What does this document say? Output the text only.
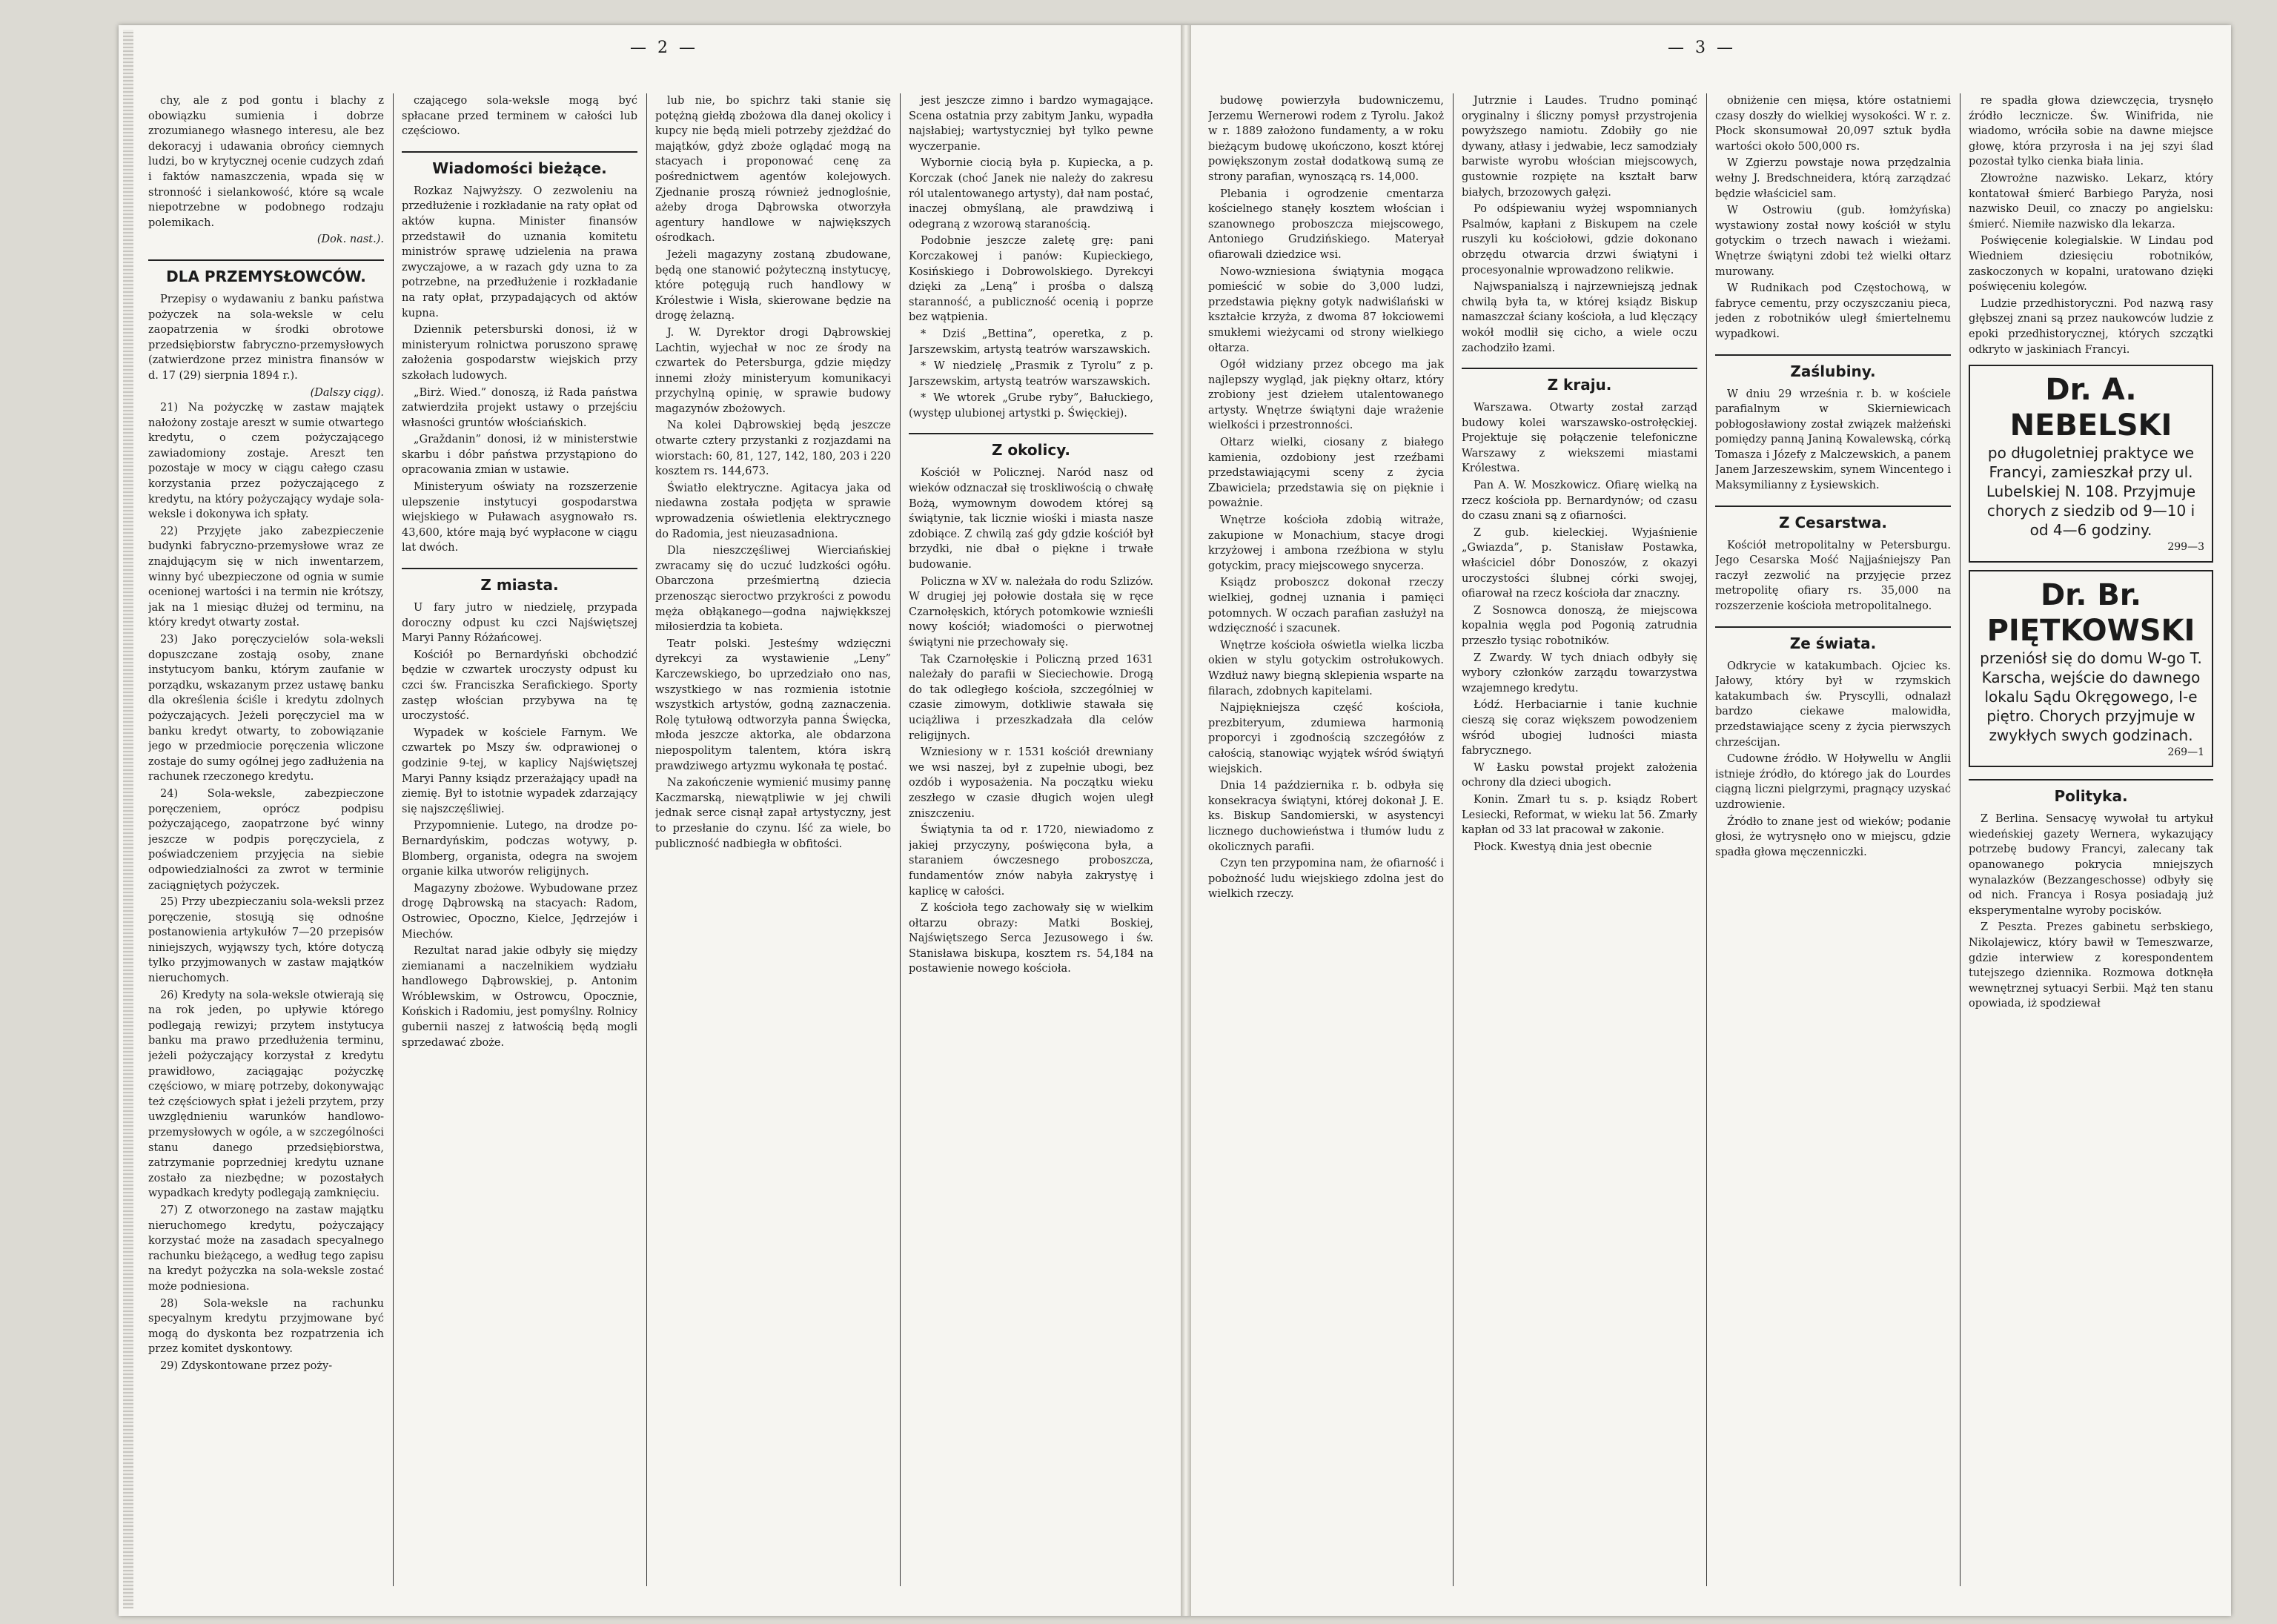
— 2 —

chy, ale z pod gontu i blachy z obowiązku sumienia i dobrze zrozumianego własnego interesu, ale bez dekoracyj i udawania obrońcy ciemnych ludzi, bo w krytycznej ocenie cudzych zdań i faktów namaszczenia, wpada się w stronność i sielankowość, które są wcale niepotrzebne w podobnego rodzaju polemikach.

(Dok. nast.).
DLA PRZEMYSŁOWCÓW.

Przepisy o wydawaniu z banku państwa pożyczek na sola-weksle w celu zaopatrzenia w środki obrotowe przedsiębiorstw fabryczno-przemysłowych (zatwierdzone przez ministra finansów w d. 17 (29) sierpnia 1894 r.).

(Dalszy ciąg).

21) Na pożyczkę w zastaw majątek nałożony zostaje areszt w sumie otwartego kredytu, o czem pożyczającego zawiadomiony zostaje. Areszt ten pozostaje w mocy w ciągu całego czasu korzystania przez pożyczającego z kredytu, na który pożyczający wydaje sola-weksle i dokonywa ich spłaty.

22) Przyjęte jako zabezpieczenie budynki fabryczno-przemysłowe wraz ze znajdującym się w nich inwentarzem, winny być ubezpieczone od ognia w sumie ocenionej wartości i na termin nie krótszy, jak na 1 miesiąc dłużej od terminu, na który kredyt otwarty został.

23) Jako poręczycielów sola-weksli dopuszczane zostają osoby, znane instytucyom banku, którym zaufanie w porządku, wskazanym przez ustawę banku dla określenia ściśle i kredytu zdolnych pożyczających. Jeżeli poręczyciel ma w banku kredyt otwarty, to zobowiązanie jego w przedmiocie poręczenia wliczone zostaje do sumy ogólnej jego zadłużenia na rachunek rzeczonego kredytu.

24) Sola-weksle, zabezpieczone poręczeniem, oprócz podpisu pożyczającego, zaopatrzone być winny jeszcze w podpis poręczyciela, z poświadczeniem przyjęcia na siebie odpowiedzialności za zwrot w terminie zaciągniętych pożyczek.

25) Przy ubezpieczaniu sola-weksli przez poręczenie, stosują się odnośne postanowienia artykułów 7—20 przepisów niniejszych, wyjąwszy tych, które dotyczą tylko przyjmowanych w zastaw majątków nieruchomych.

26) Kredyty na sola-weksle otwierają się na rok jeden, po upływie którego podlegają rewizyi; przytem instytucya banku ma prawo przedłużenia terminu, jeżeli pożyczający korzystał z kredytu prawidłowo, zaciągając pożyczkę częściowo, w miarę potrzeby, dokonywając też częściowych spłat i jeżeli przytem, przy uwzględnieniu warunków handlowo-przemysłowych w ogóle, a w szczególności stanu danego przedsiębiorstwa, zatrzymanie poprzedniej kredytu uznane zostało za niezbędne; w pozostałych wypadkach kredyty podlegają zamknięciu.

27) Z otworzonego na zastaw majątku nieruchomego kredytu, pożyczający korzystać może na zasadach specyalnego rachunku bieżącego, a według tego zapisu na kredyt pożyczka na sola-weksle zostać może podniesiona.

28) Sola-weksle na rachunku specyalnym kredytu przyjmowane być mogą do dyskonta bez rozpatrzenia ich przez komitet dyskontowy.

29) Zdyskontowane przez poży-

czającego sola-weksle mogą być spłacane przed terminem w całości lub częściowo.

Wiadomości bieżące.

Rozkaz Najwyższy. O zezwoleniu na przedłużenie i rozkładanie na raty opłat od aktów kupna. Minister finansów przedstawił do uznania komitetu ministrów sprawę udzielenia na prawa zwyczajowe, a w razach gdy uzna to za potrzebne, na przedłużenie i rozkładanie na raty opłat, przypadających od aktów kupna.

Dziennik petersburski donosi, iż w ministeryum rolnictwa poruszono sprawę założenia gospodarstw wiejskich przy szkołach ludowych.

„Birż. Wied.” donoszą, iż Rada państwa zatwierdziła projekt ustawy o przejściu własności gruntów włościańskich.

„Graždanin” donosi, iż w ministerstwie skarbu i dóbr państwa przystąpiono do opracowania zmian w ustawie.

Ministeryum oświaty na rozszerzenie ulepszenie instytucyi gospodarstwa wiejskiego w Puławach asygnowało rs. 43,600, które mają być wypłacone w ciągu lat dwóch.

Z miasta.

U fary jutro w niedzielę, przypada doroczny odpust ku czci Najświętszej Maryi Panny Różańcowej.

Kościół po Bernardyński obchodzić będzie w czwartek uroczysty odpust ku czci św. Franciszka Serafickiego. Sporty zastęp włościan przybywa na tę uroczystość.

Wypadek w kościele Farnym. We czwartek po Mszy św. odprawionej o godzinie 9-tej, w kaplicy Najświętszej Maryi Panny ksiądz przerażający upadł na ziemię. Był to istotnie wypadek zdarzający się najszczęśliwiej.

Przypomnienie. Lutego, na drodze po-Bernardyńskim, podczas wotywy, p. Blomberg, organista, odegra na swojem organie kilka utworów religijnych.

Magazyny zbożowe. Wybudowane przez drogę Dąbrowską na stacyach: Radom, Ostrowiec, Opoczno, Kielce, Jędrzejów i Miechów.

Rezultat narad jakie odbyły się między ziemianami a naczelnikiem wydziału handlowego Dąbrowskiej, p. Antonim Wróblewskim, w Ostrowcu, Opocznie, Końskich i Radomiu, jest pomyślny. Rolnicy gubernii naszej z łatwością będą mogli sprzedawać zboże.

lub nie, bo spichrz taki stanie się potężną giełdą zbożowa dla danej okolicy i kupcy nie będą mieli potrzeby zjeżdżać do majątków, gdyż zboże oglądać mogą na stacyach i proponować cenę za pośrednictwem agentów kolejowych. Zjednanie proszą również jednoglośnie, ażeby droga Dąbrowska otworzyła agentury handlowe w największych ośrodkach.

Jeżeli magazyny zostaną zbudowane, będą one stanowić pożyteczną instytucyę, które potęgują ruch handlowy w Królestwie i Wisła, skierowane będzie na drogę żelazną.

J. W. Dyrektor drogi Dąbrowskiej Lachtin, wyjechał w noc ze środy na czwartek do Petersburga, gdzie między innemi złoży ministeryum komunikacyi przychylną opinię, w sprawie budowy magazynów zbożowych.

Na kolei Dąbrowskiej będą jeszcze otwarte cztery przystanki z rozjazdami na wiorstach: 60, 81, 127, 142, 180, 203 i 220 kosztem rs. 144,673.

Światło elektryczne. Agitacya jaka od niedawna została podjęta w sprawie wprowadzenia oświetlenia elektrycznego do Radomia, jest nieuzasadniona.

Dla nieszczęśliwej Wierciańskiej zwracamy się do uczuć ludzkości ogółu. Obarczona prześmiertną dziecia przenosząc sieroctwo przykrości z powodu męża obłąkanego—godna najwiękkszej miłosierdzia ta kobieta.

Teatr polski. Jesteśmy wdzięczni dyrekcyi za wystawienie „Leny” Karczewskiego, bo uprzedziało ono nas, wszystkiego w nas rozmienia istotnie wszystkich artystów, godną zaznaczenia. Rolę tytułową odtworzyła panna Święcka, młoda jeszcze aktorka, ale obdarzona niepospolitym talentem, która iskrą prawdziwego artyzmu wykonała tę postać.

Na zakończenie wymienić musimy pannę Kaczmarską, niewątpliwie w jej chwili jednak serce cisnął zapał artystyczny, jest to przesłanie do czynu. Iść za wiele, bo publiczność nadbiegła w obfitości.

jest jeszcze zimno i bardzo wymagające. Scena ostatnia przy zabitym Janku, wypadła najsłabiej; wartystyczniej był tylko pewne wyczerpanie.

Wybornie ciocią była p. Kupiecka, a p. Korczak (choć Janek nie należy do zakresu ról utalentowanego artysty), dał nam postać, inaczej obmyślaną, ale prawdziwą i odegraną z wzorową staranością.

Podobnie jeszcze zaletę grę: pani Korczakowej i panów: Kupieckiego, Kosińskiego i Dobrowolskiego. Dyrekcyi dzięki za „Leną” i prośba o dalszą staranność, a publiczność ocenią i poprze bez wątpienia.

* Dziś „Bettina”, operetka, z p. Jarszewskim, artystą teatrów warszawskich.

* W niedzielę „Prasmik z Tyrolu” z p. Jarszewskim, artystą teatrów warszawskich.

* We wtorek „Grube ryby”, Bałuckiego, (występ ulubionej artystki p. Święckiej).

Z okolicy.

Kościół w Policznej. Naród nasz od wieków odznaczał się troskliwością o chwałę Bożą, wymownym dowodem której są świątynie, tak licznie wiośki i miasta nasze zdobiące. Z chwilą zaś gdy gdzie kościół był brzydki, nie dbał o piękne i trwałe budowanie.

Policzna w XV w. należała do rodu Szlizów. W drugiej jej połowie dostała się w ręce Czarnołęskich, których potomkowie wznieśli nowy kościół; wiadomości o pierwotnej świątyni nie przechowały się.

Tak Czarnołęskie i Policzną przed 1631 należały do parafii w Sieciechowie. Drogą do tak odległego kościoła, szczególniej w czasie zimowym, dotkliwie stawała się uciążliwa i przeszkadzała dla celów religijnych.

Wzniesiony w r. 1531 kościół drewniany we wsi naszej, był z zupełnie ubogi, bez ozdób i wyposażenia. Na początku wieku zeszłego w czasie długich wojen uległ zniszczeniu.

Świątynia ta od r. 1720, niewiadomo z jakiej przyczyny, poświęcona była, a staraniem ówczesnego proboszcza, fundamentów znów nabyła zakrystyę i kaplicę w całości.

Z kościoła tego zachowały się w wielkim ołtarzu obrazy: Matki Boskiej, Najświętszego Serca Jezusowego i św. Stanisława biskupa, kosztem rs. 54,184 na postawienie nowego kościoła.

— 3 —

budowę powierzyła budowniczemu, Jerzemu Wernerowi rodem z Tyrolu. Jakoż w r. 1889 założono fundamenty, a w roku bieżącym budowę ukończono, koszt której powiększonym został dodatkową sumą ze strony parafian, wynoszącą rs. 14,000.

Plebania i ogrodzenie cmentarza kościelnego stanęły kosztem włościan i szanownego proboszcza miejscowego, Antoniego Grudzińskiego. Materyał ofiarowali dziedzice wsi.

Nowo-wzniesiona świątynia mogąca pomieścić w sobie do 3,000 ludzi, przedstawia piękny gotyk nadwiślański w kształcie krzyża, z dwoma 87 łokciowemi smukłemi wieżycami od strony wielkiego ołtarza.

Ogół widziany przez obcego ma jak najlepszy wygląd, jak piękny ołtarz, który zrobiony jest dziełem utalentowanego artysty. Wnętrze świątyni daje wrażenie wielkości i przestronności.

Ołtarz wielki, ciosany z białego kamienia, ozdobiony jest rzeźbami przedstawiającymi sceny z życia Zbawiciela; przedstawia się on pięknie i poważnie.

Wnętrze kościoła zdobią witraże, zakupione w Monachium, stacye drogi krzyżowej i ambona rzeźbiona w stylu gotyckim, pracy miejscowego snycerza.

Ksiądz proboszcz dokonał rzeczy wielkiej, godnej uznania i pamięci potomnych. W oczach parafian zasłużył na wdzięczność i szacunek.

Wnętrze kościoła oświetla wielka liczba okien w stylu gotyckim ostrołukowych. Wzdłuż nawy biegną sklepienia wsparte na filarach, zdobnych kapitelami.

Najpiękniejsza część kościoła, prezbiteryum, zdumiewa harmonią proporcyi i zgodnością szczegółów z całością, stanowiąc wyjątek wśród świątyń wiejskich.

Dnia 14 października r. b. odbyła się konsekracya świątyni, której dokonał J. E. ks. Biskup Sandomierski, w asystencyi licznego duchowieństwa i tłumów ludu z okolicznych parafii.

Czyn ten przypomina nam, że ofiarność i pobożność ludu wiejskiego zdolna jest do wielkich rzeczy.

Jutrznie i Laudes. Trudno pominąć oryginalny i śliczny pomysł przystrojenia powyższego namiotu. Zdobiły go nie dywany, atłasy i jedwabie, lecz samodziały barwiste wyrobu włościan miejscowych, gustownie rozpięte na kształt barw białych, brzozowych gałęzi.

Po odśpiewaniu wyżej wspomnianych Psalmów, kapłani z Biskupem na czele ruszyli ku kościołowi, gdzie dokonano obrzędu otwarcia drzwi świątyni i procesyonalnie wprowadzono relikwie.

Najwspanialszą i najrzewniejszą jednak chwilą była ta, w której ksiądz Biskup namaszczał ściany kościoła, a lud klęczący wokół modlił się cicho, a wiele oczu zachodziło łzami.

Z kraju.

Warszawa. Otwarty został zarząd budowy kolei warszawsko-ostrołęckiej. Projektuje się połączenie telefoniczne Warszawy z wiekszemi miastami Królestwa.

Pan A. W. Moszkowicz. Ofiarę wielką na rzecz kościoła pp. Bernardynów; od czasu do czasu znani są z ofiarności.

Z gub. kieleckiej. Wyjaśnienie „Gwiazda”, p. Stanisław Postawka, właściciel dóbr Donoszów, z okazyi uroczystości ślubnej córki swojej, ofiarował na rzecz kościoła dar znaczny.

Z Sosnowca donoszą, że miejscowa kopalnia węgla pod Pogonią zatrudnia przeszło tysiąc robotników.

Z Zwardy. W tych dniach odbyły się wybory członków zarządu towarzystwa wzajemnego kredytu.

Łódź. Herbaciarnie i tanie kuchnie cieszą się coraz większem powodzeniem wśród ubogiej ludności miasta fabrycznego.

W Łasku powstał projekt założenia ochrony dla dzieci ubogich.

Konin. Zmarł tu s. p. ksiądz Robert Lesiecki, Reformat, w wieku lat 56. Zmarły kapłan od 33 lat pracował w zakonie.

Płock. Kwestyą dnia jest obecnie

obniżenie cen mięsa, które ostatniemi czasy doszły do wielkiej wysokości. W r. z. Płock skonsumował 20,097 sztuk bydła wartości około 500,000 rs.

W Zgierzu powstaje nowa przędzalnia wełny J. Bredschneidera, którą zarządzać będzie właściciel sam.

W Ostrowiu (gub. łomżyńska) wystawiony został nowy kościół w stylu gotyckim o trzech nawach i wieżami. Wnętrze świątyni zdobi też wielki ołtarz murowany.

W Rudnikach pod Częstochową, w fabryce cementu, przy oczyszczaniu pieca, jeden z robotników uległ śmiertelnemu wypadkowi.

Zaślubiny.

W dniu 29 września r. b. w kościele parafialnym w Skierniewicach pobłogosławiony został związek małżeński pomiędzy panną Janiną Kowalewską, córką Tomasza i Józefy z Malczewskich, a panem Janem Jarzeszewskim, synem Wincentego i Maksymilianny z Łysiewskich.

Z Cesarstwa.

Kościół metropolitalny w Petersburgu. Jego Cesarska Mość Najjaśniejszy Pan raczył zezwolić na przyjęcie przez metropolitę ofiary rs. 35,000 na rozszerzenie kościoła metropolitalnego.

Ze świata.

Odkrycie w katakumbach. Ojciec ks. Jałowy, który był w rzymskich katakumbach św. Pryscylli, odnalazł bardzo ciekawe malowidła, przedstawiające sceny z życia pierwszych chrześcijan.

Cudowne źródło. W Hoływellu w Anglii istnieje źródło, do którego jak do Lourdes ciągną liczni pielgrzymi, pragnący uzyskać uzdrowienie.

Źródło to znane jest od wieków; podanie głosi, że wytrysnęło ono w miejscu, gdzie spadła głowa męczenniczki.

re spadła głowa dziewczęcia, trysnęło źródło lecznicze. Św. Winifrida, nie wiadomo, wróciła sobie na dawne miejsce głowę, która przyrosła i na jej szyi ślad pozostał tylko cienka biała linia.

Złowrożne nazwisko. Lekarz, który kontatował śmierć Barbiego Paryża, nosi nazwisko Deuil, co znaczy po angielsku: śmierć. Niemiłe nazwisko dla lekarza.

Poświęcenie kolegialskie. W Lindau pod Wiedniem dziesięciu robotników, zaskoczonych w kopalni, uratowano dzięki poświęceniu kolegów.

Ludzie przedhistoryczni. Pod nazwą rasy głębszej znani są przez naukowców ludzie z epoki przedhistorycznej, których szczątki odkryto w jaskiniach Francyi.

Dr. A. NEBELSKI
po długoletniej praktyce we Francyi, zamieszkał przy ul. Lubelskiej N. 108. Przyjmuje chorych z siedzib od 9—10 i od 4—6 godziny.
299—3
Dr. Br. PIĘTKOWSKI
przeniósł się do domu W-go T. Karscha, wejście do dawnego lokalu Sądu Okręgowego, I-e piętro. Chorych przyjmuje w zwykłych swych godzinach.
269—1
Polityka.

Z Berlina. Sensacyę wywołał tu artykuł wiedeńskiej gazety Wernera, wykazujący potrzebę budowy Francyi, zalecany tak opanowanego pokrycia mniejszych wynalazków (Bezzangeschosse) odbyły się od nich. Francya i Rosya posiadają już eksperymentalne wyroby pocisków.

Z Peszta. Prezes gabinetu serbskiego, Nikolajewicz, który bawił w Temeszwarze, gdzie interwiew z korespondentem tutejszego dziennika. Rozmowa dotknęła wewnętrznej sytuacyi Serbii. Mąż ten stanu opowiada, iż spodziewał
